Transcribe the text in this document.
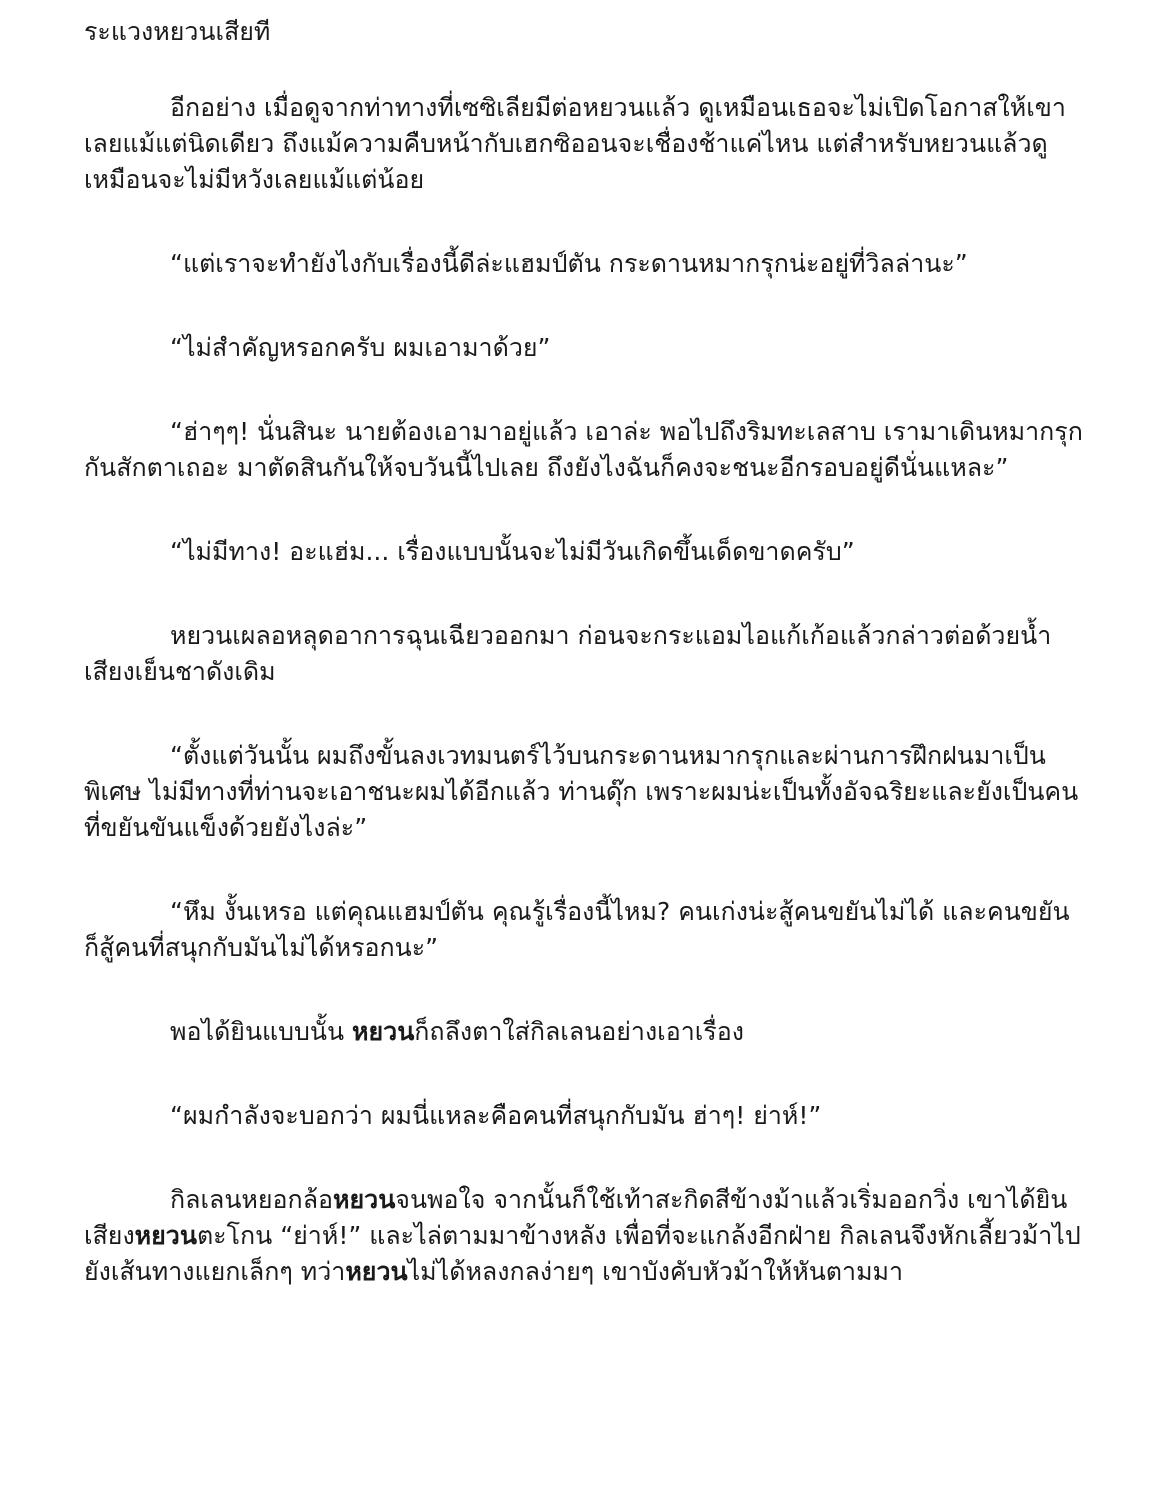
ระแวงหยวนเสียที

อีกอย่าง เมื่อดูจากท่าทางที่เซซิเลียมีต่อหยวนแล้ว ดูเหมือนเธอจะไม่เปิดโอกาสให้เขาเลยแม้แต่นิดเดียว ถึงแม้ความคืบหน้ากับเฮกซิออนจะเชื่องช้าแค่ไหน แต่สำหรับหยวนแล้วดูเหมือนจะไม่มีหวังเลยแม้แต่น้อย

“แต่เราจะทำยังไงกับเรื่องนี้ดีล่ะแฮมป์ตัน กระดานหมากรุกน่ะอยู่ที่วิลล่านะ”

“ไม่สำคัญหรอกครับ ผมเอามาด้วย”

“ฮ่าๆๆ! นั่นสินะ นายต้องเอามาอยู่แล้ว เอาล่ะ พอไปถึงริมทะเลสาบ เรามาเดินหมากรุกกันสักตาเถอะ มาตัดสินกันให้จบวันนี้ไปเลย ถึงยังไงฉันก็คงจะชนะอีกรอบอยู่ดีนั่นแหละ”

“ไม่มีทาง! อะแฮ่ม... เรื่องแบบนั้นจะไม่มีวันเกิดขึ้นเด็ดขาดครับ”

หยวนเผลอหลุดอาการฉุนเฉียวออกมา ก่อนจะกระแอมไอแก้เก้อแล้วกล่าวต่อด้วยน้ำเสียงเย็นชาดังเดิม

“ตั้งแต่วันนั้น ผมถึงขั้นลงเวทมนตร์ไว้บนกระดานหมากรุกและผ่านการฝึกฝนมาเป็นพิเศษ ไม่มีทางที่ท่านจะเอาชนะผมได้อีกแล้ว ท่านดุ๊ก เพราะผมน่ะเป็นทั้งอัจฉริยะและยังเป็นคนที่ขยันขันแข็งด้วยยังไงล่ะ”

“หึม งั้นเหรอ แต่คุณแฮมป์ตัน คุณรู้เรื่องนี้ไหม? คนเก่งน่ะสู้คนขยันไม่ได้ และคนขยันก็สู้คนที่สนุกกับมันไม่ได้หรอกนะ”

พอได้ยินแบบนั้น หยวนก็ถลึงตาใส่กิลเลนอย่างเอาเรื่อง

“ผมกำลังจะบอกว่า ผมนี่แหละคือคนที่สนุกกับมัน ฮ่าๆ! ย่าห์!”

กิลเลนหยอกล้อหยวนจนพอใจ จากนั้นก็ใช้เท้าสะกิดสีข้างม้าแล้วเริ่มออกวิ่ง เขาได้ยินเสียงหยวนตะโกน “ย่าห์!” และไล่ตามมาข้างหลัง เพื่อที่จะแกล้งอีกฝ่าย กิลเลนจึงหักเลี้ยวม้าไปยังเส้นทางแยกเล็กๆ ทว่าหยวนไม่ได้หลงกลง่ายๆ เขาบังคับหัวม้าให้หันตามมา
